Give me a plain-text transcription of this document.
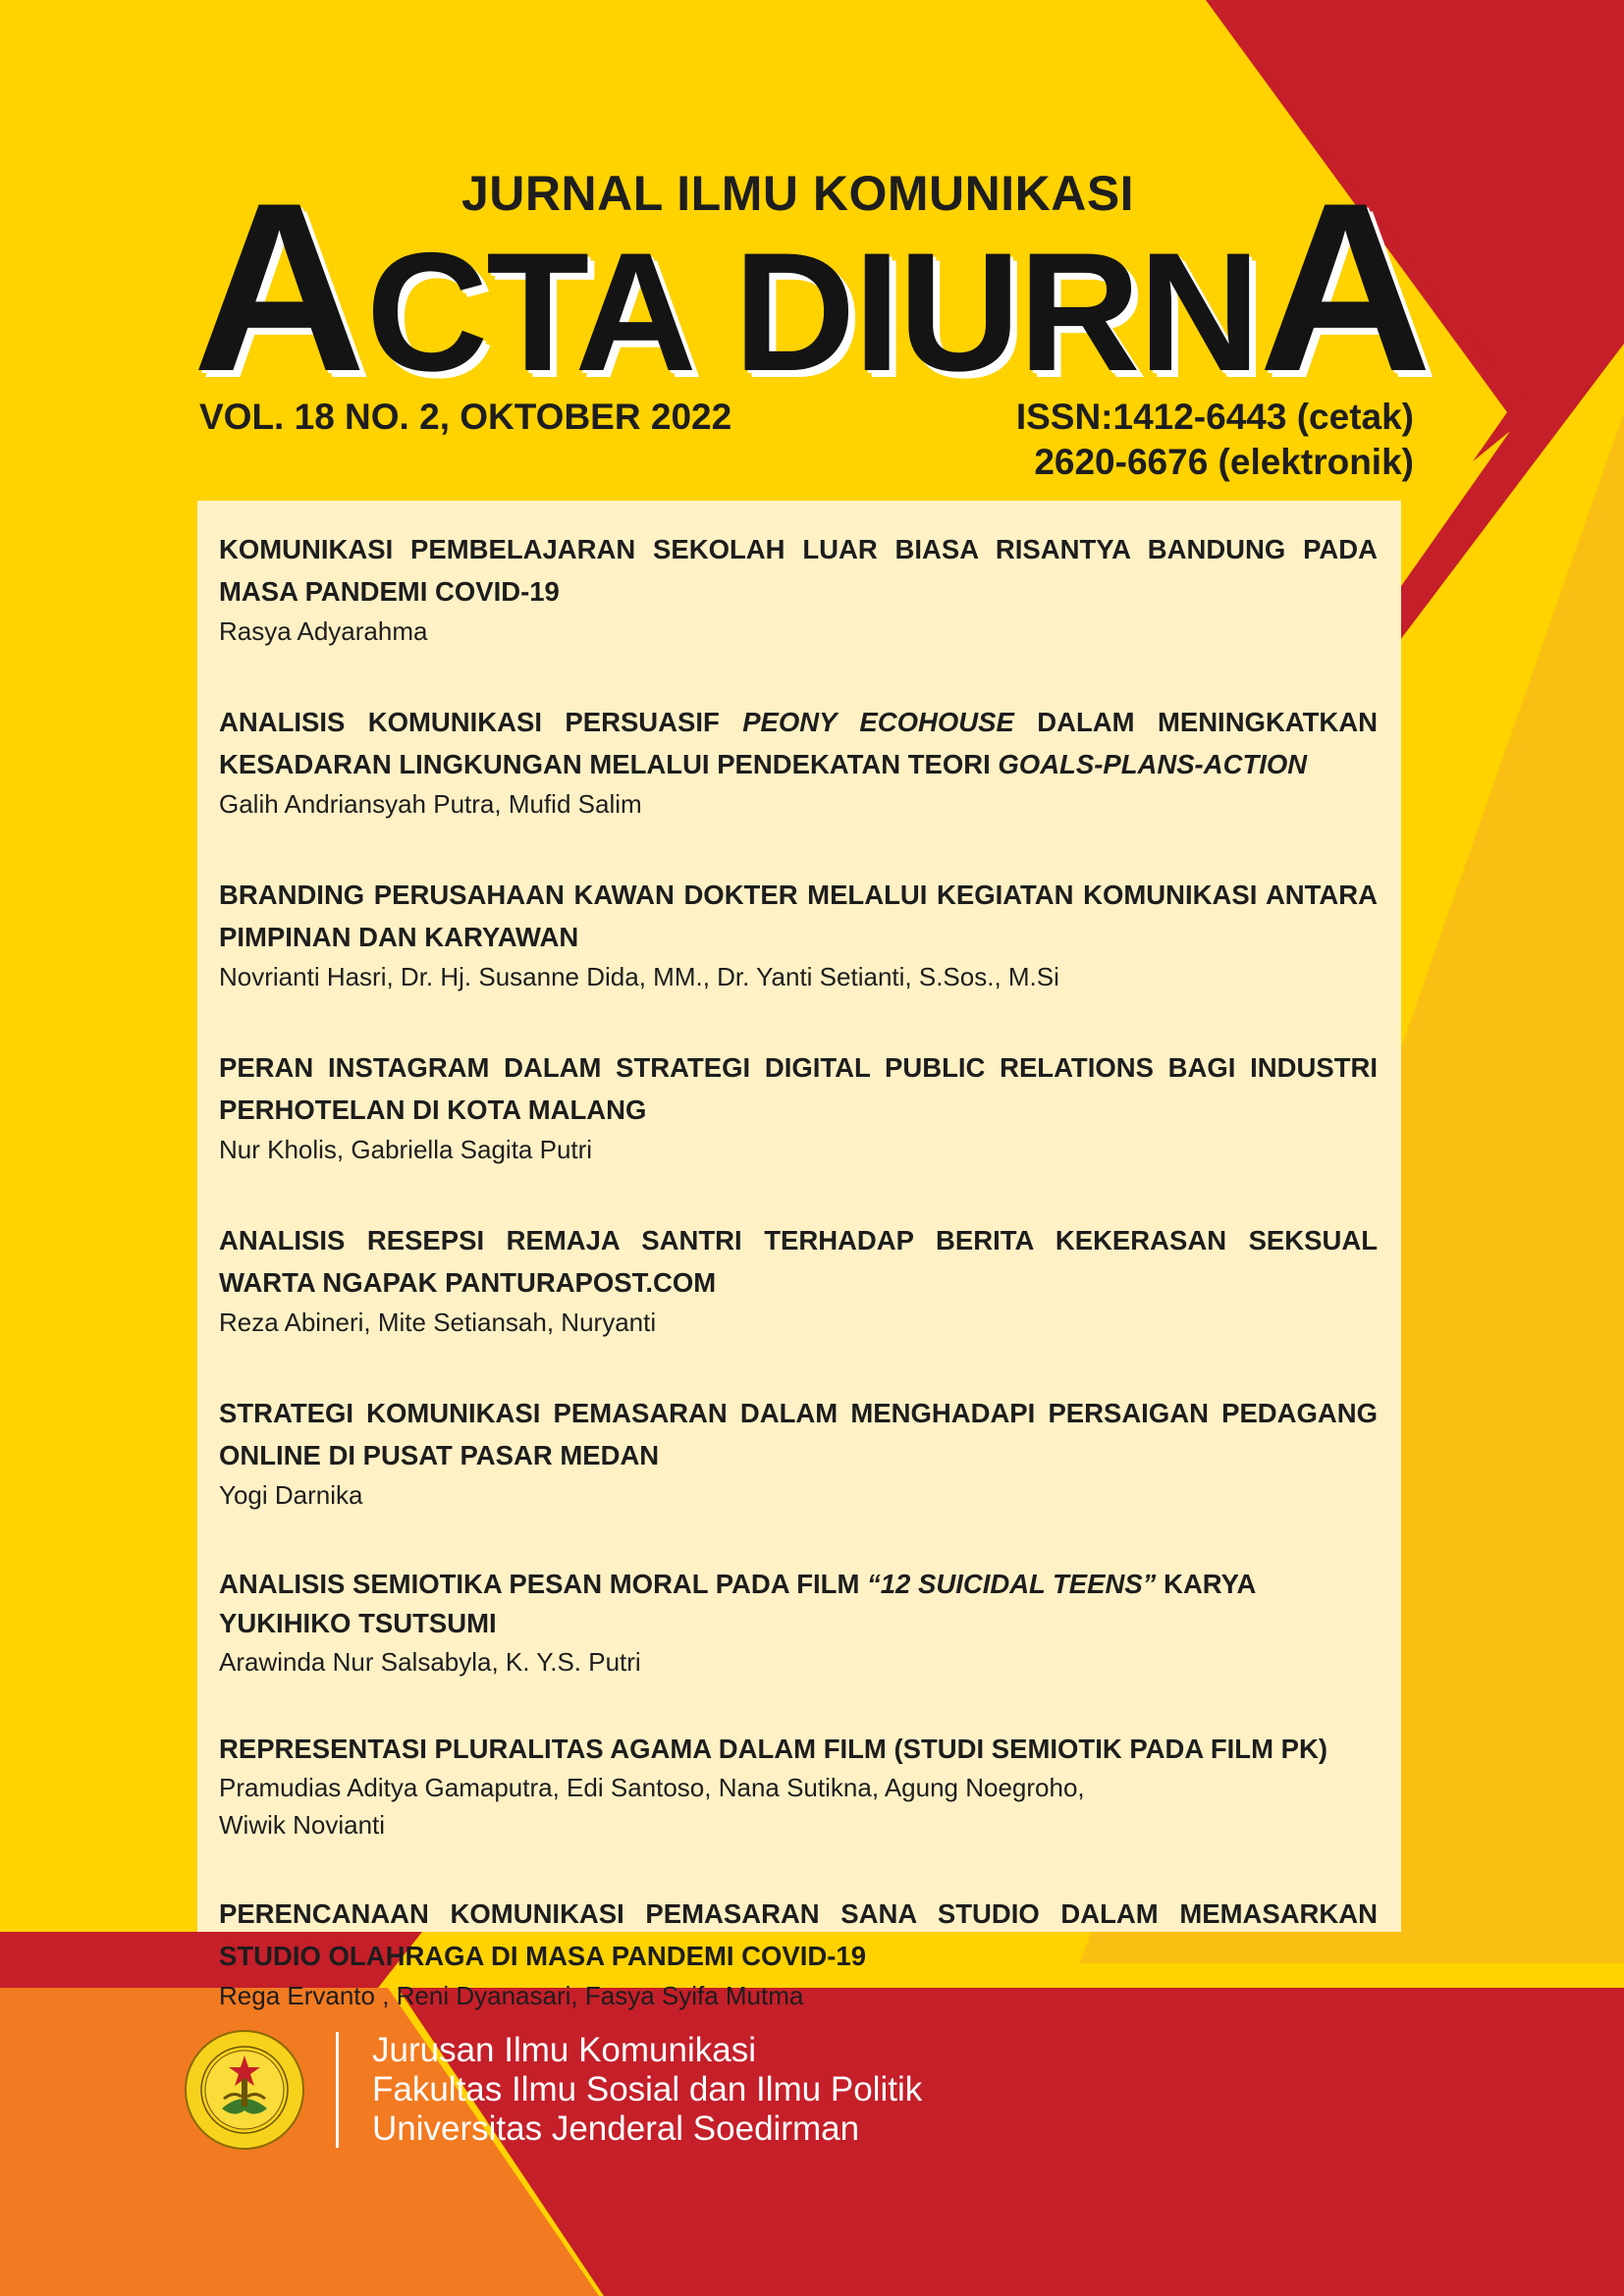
JURNAL ILMU KOMUNIKASI
ACTA DIURNA
VOL. 18 NO. 2, OKTOBER 2022	ISSN:1412-6443 (cetak)
2620-6676 (elektronik)

KOMUNIKASI PEMBELAJARAN SEKOLAH LUAR BIASA RISANTYA BANDUNG PADA MASA PANDEMI COVID-19

Rasya Adyarahma

ANALISIS KOMUNIKASI PERSUASIF PEONY ECOHOUSE DALAM MENINGKATKAN KESADARAN LINGKUNGAN MELALUI PENDEKATAN TEORI GOALS-PLANS-ACTION

Galih Andriansyah Putra, Mufid Salim

BRANDING PERUSAHAAN KAWAN DOKTER MELALUI KEGIATAN KOMUNIKASI ANTARA PIMPINAN DAN KARYAWAN

Novrianti Hasri, Dr. Hj. Susanne Dida, MM., Dr. Yanti Setianti, S.Sos., M.Si

PERAN INSTAGRAM DALAM STRATEGI DIGITAL PUBLIC RELATIONS BAGI INDUSTRI PERHOTELAN DI KOTA MALANG

Nur Kholis, Gabriella Sagita Putri

ANALISIS RESEPSI REMAJA SANTRI TERHADAP BERITA KEKERASAN SEKSUAL WARTA NGAPAK PANTURAPOST.COM

Reza Abineri, Mite Setiansah, Nuryanti

STRATEGI KOMUNIKASI PEMASARAN DALAM MENGHADAPI PERSAIGAN PEDAGANG ONLINE DI PUSAT PASAR MEDAN

Yogi Darnika

ANALISIS SEMIOTIKA PESAN MORAL PADA FILM “12 SUICIDAL TEENS” KARYA YUKIHIKO TSUTSUMI

Arawinda Nur Salsabyla, K. Y.S. Putri

REPRESENTASI PLURALITAS AGAMA DALAM FILM (STUDI SEMIOTIK PADA FILM PK)

Pramudias Aditya Gamaputra, Edi Santoso, Nana Sutikna, Agung Noegroho,

Wiwik Novianti

PERENCANAAN KOMUNIKASI PEMASARAN SANA STUDIO DALAM MEMASARKAN STUDIO OLAHRAGA DI MASA PANDEMI COVID-19

Rega Ervanto , Reni Dyanasari, Fasya Syifa Mutma

Jurusan Ilmu Komunikasi
Fakultas Ilmu Sosial dan Ilmu Politik
Universitas Jenderal Soedirman
